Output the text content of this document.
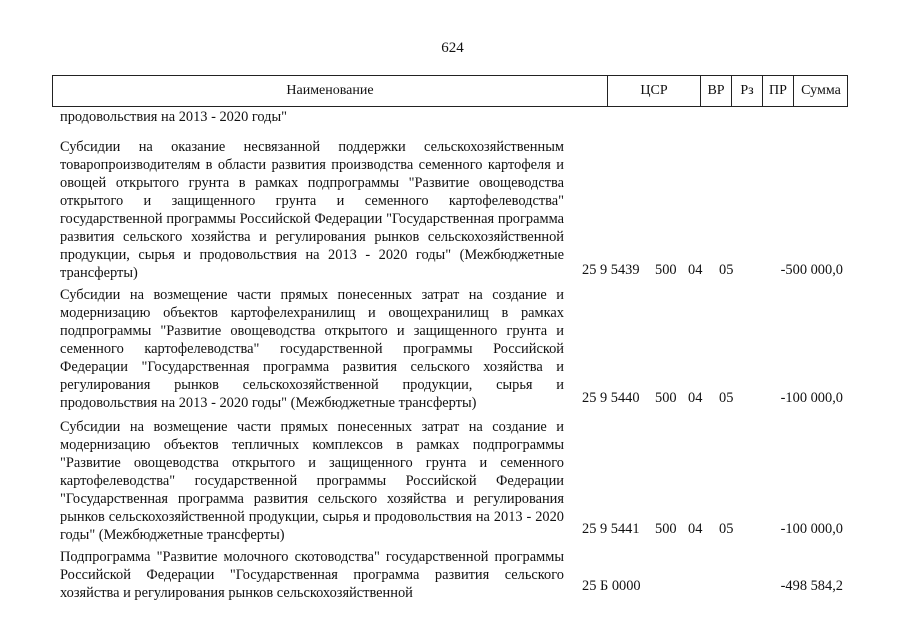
624
Наименование	ЦСР	ВР	Рз	ПР	Сумма
продовольствия на 2013 - 2020 годы"
Субсидии на оказание несвязанной поддержки сельскохозяйственным товаропроизводителям в области развития производства семенного картофеля и овощей открытого грунта в рамках подпрограммы "Развитие овощеводства открытого и защищенного грунта и семенного картофелеводства" государственной программы Российской Федерации "Государственная программа развития сельского хозяйства и регулирования рынков сельскохозяйственной продукции, сырья и продовольствия на 2013 - 2020 годы" (Межбюджетные трансферты)	25 9 5439 500 04 05	-500 000,0
Субсидии на возмещение части прямых понесенных затрат на создание и модернизацию объектов картофелехранилищ и овощехранилищ в рамках подпрограммы "Развитие овощеводства открытого и защищенного грунта и семенного картофелеводства" государственной программы Российской Федерации "Государственная программа развития сельского хозяйства и регулирования рынков сельскохозяйственной продукции, сырья и продовольствия на 2013 - 2020 годы" (Межбюджетные трансферты)	25 9 5440 500 04 05	-100 000,0
Субсидии на возмещение части прямых понесенных затрат на создание и модернизацию объектов тепличных комплексов в рамках подпрограммы "Развитие овощеводства открытого и защищенного грунта и семенного картофелеводства" государственной программы Российской Федерации "Государственная программа развития сельского хозяйства и регулирования рынков сельскохозяйственной продукции, сырья и продовольствия на 2013 - 2020 годы" (Межбюджетные трансферты)	25 9 5441 500 04 05	-100 000,0
Подпрограмма "Развитие молочного скотоводства" государственной программы Российской Федерации "Государственная программа развития сельского хозяйства и регулирования рынков сельскохозяйственной	25 Б 0000	-498 584,2
